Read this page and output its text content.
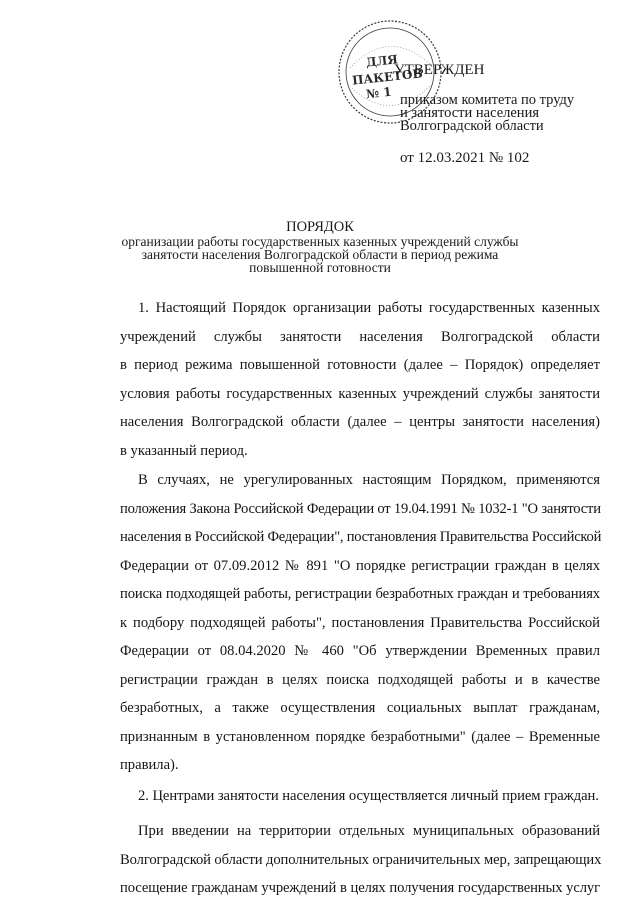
ДЛЯ
ПАКЕТОВ
№ 1
УТВЕРЖДЕН
приказом комитета по труду
и занятости населения
Волгоградской области
от 12.03.2021 № 102
ПОРЯДОК
организации работы государственных казенных учреждений службы
занятости населения Волгоградской области в период режима
повышенной готовности
1. Настоящий Порядок организации работы государственных казенных
учреждений службы занятости населения Волгоградской области
в период режима повышенной готовности (далее – Порядок) определяет
условия работы государственных казенных учреждений службы занятости
населения Волгоградской области (далее – центры занятости населения)
в указанный период.
В случаях, не урегулированных настоящим Порядком, применяются
положения Закона Российской Федерации от 19.04.1991 № 1032-1 "О занятости
населения в Российской Федерации", постановления Правительства Российской
Федерации от 07.09.2012 № 891 "О порядке регистрации граждан в целях
поиска подходящей работы, регистрации безработных граждан и требованиях
к подбору подходящей работы", постановления Правительства Российской
Федерации от 08.04.2020 № 460 "Об утверждении Временных правил
регистрации граждан в целях поиска подходящей работы и в качестве
безработных, а также осуществления социальных выплат гражданам,
признанным в установленном порядке безработными" (далее – Временные
правила).
2. Центрами занятости населения осуществляется личный прием граждан.
При введении на территории отдельных муниципальных образований
Волгоградской области дополнительных ограничительных мер, запрещающих
посещение гражданам учреждений в целях получения государственных услуг
